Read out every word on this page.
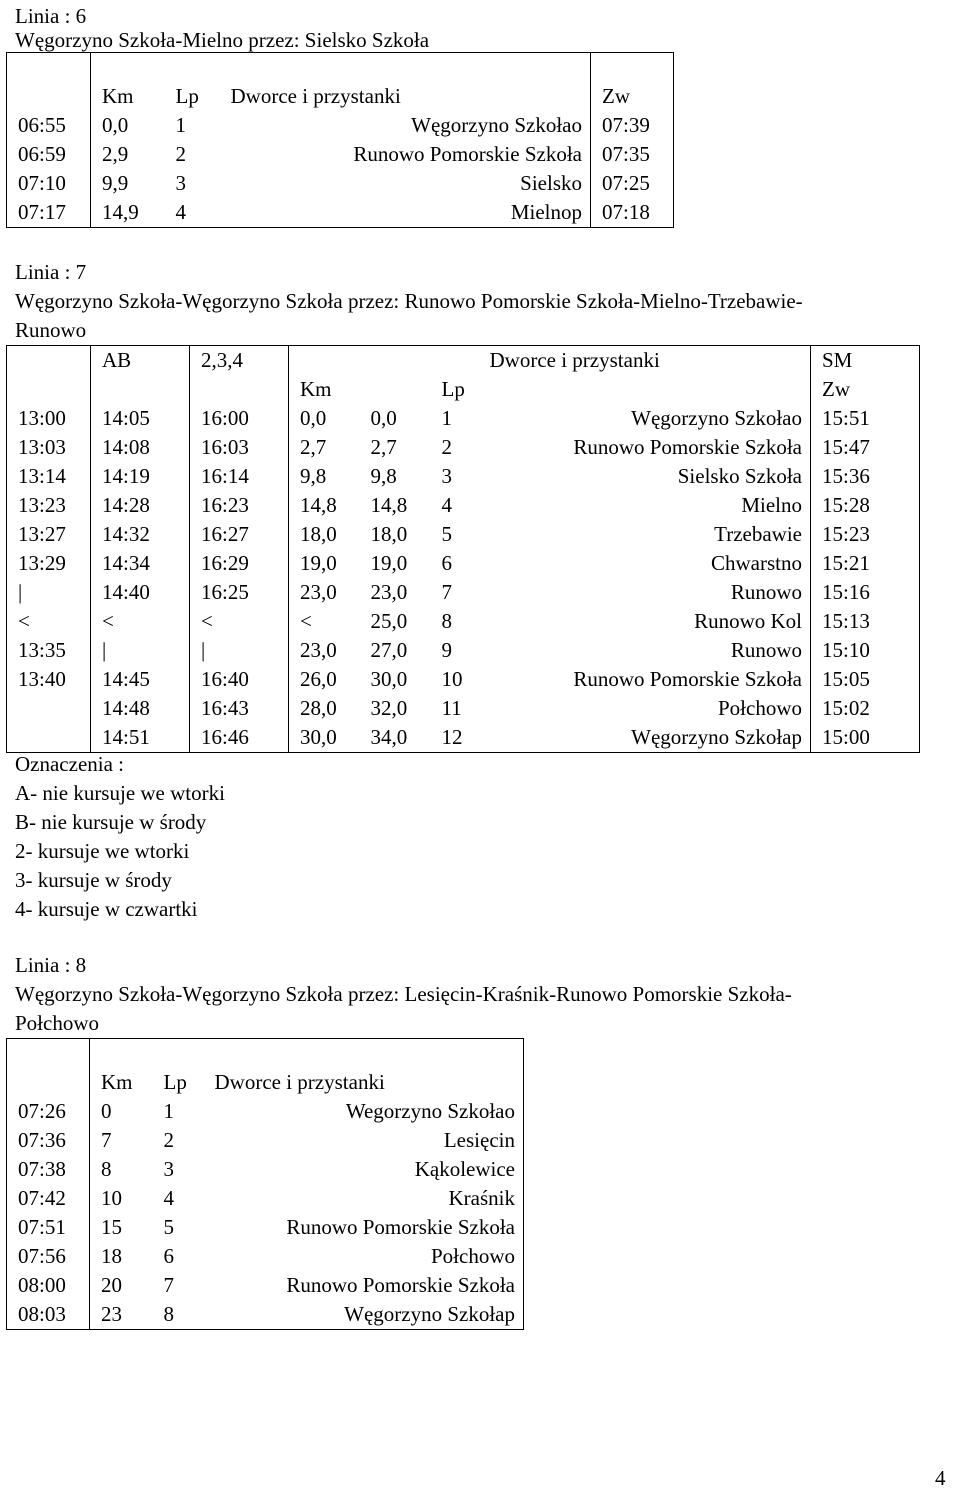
Linia : 6
Węgorzyno Szkoła-Mielno przez: Sielsko Szkoła

	Km	Lp	Dworce i przystanki	Zw
06:55	0,0	1	Węgorzyno Szkoła o	07:39
06:59	2,9	2	Runowo Pomorskie Szkoła	07:35
07:10	9,9	3	Sielsko	07:25
07:17	14,9	4	Mielno p	07:18
Linia : 7
Węgorzyno Szkoła-Węgorzyno Szkoła przez: Runowo Pomorskie Szkoła-Mielno-Trzebawie-
Runowo
	AB	2,3,4				Dworce i przystanki	SM
			Km		Lp		Zw
13:00	14:05	16:00	0,0	0,0	1	Węgorzyno Szkoła o	15:51
13:03	14:08	16:03	2,7	2,7	2	Runowo Pomorskie Szkoła	15:47
13:14	14:19	16:14	9,8	9,8	3	Sielsko Szkoła	15:36
13:23	14:28	16:23	14,8	14,8	4	Mielno	15:28
13:27	14:32	16:27	18,0	18,0	5	Trzebawie	15:23
13:29	14:34	16:29	19,0	19,0	6	Chwarstno	15:21
|	14:40	16:25	23,0	23,0	7	Runowo	15:16
<	<	<	<	25,0	8	Runowo Kol	15:13
13:35	|	|	23,0	27,0	9	Runowo	15:10
13:40	14:45	16:40	26,0	30,0	10	Runowo Pomorskie Szkoła	15:05
	14:48	16:43	28,0	32,0	11	Połchowo	15:02
	14:51	16:46	30,0	34,0	12	Węgorzyno Szkoła p	15:00
Oznaczenia :
A- nie kursuje we wtorki
B- nie kursuje w środy
2- kursuje we wtorki
3- kursuje w środy
4- kursuje w czwartki
Linia : 8
Węgorzyno Szkoła-Węgorzyno Szkoła przez: Lesięcin-Kraśnik-Runowo Pomorskie Szkoła-
Połchowo

	Km	Lp	Dworce i przystanki
07:26	0	1	Wegorzyno Szkoła o

07:36	7	2	Lesięcin

07:38	8	3	Kąkolewice

07:42	10	4	Kraśnik

07:51	15	5	Runowo Pomorskie Szkoła

07:56	18	6	Połchowo

08:00	20	7	Runowo Pomorskie Szkoła

08:03	23	8	Węgorzyno Szkoła p
4
